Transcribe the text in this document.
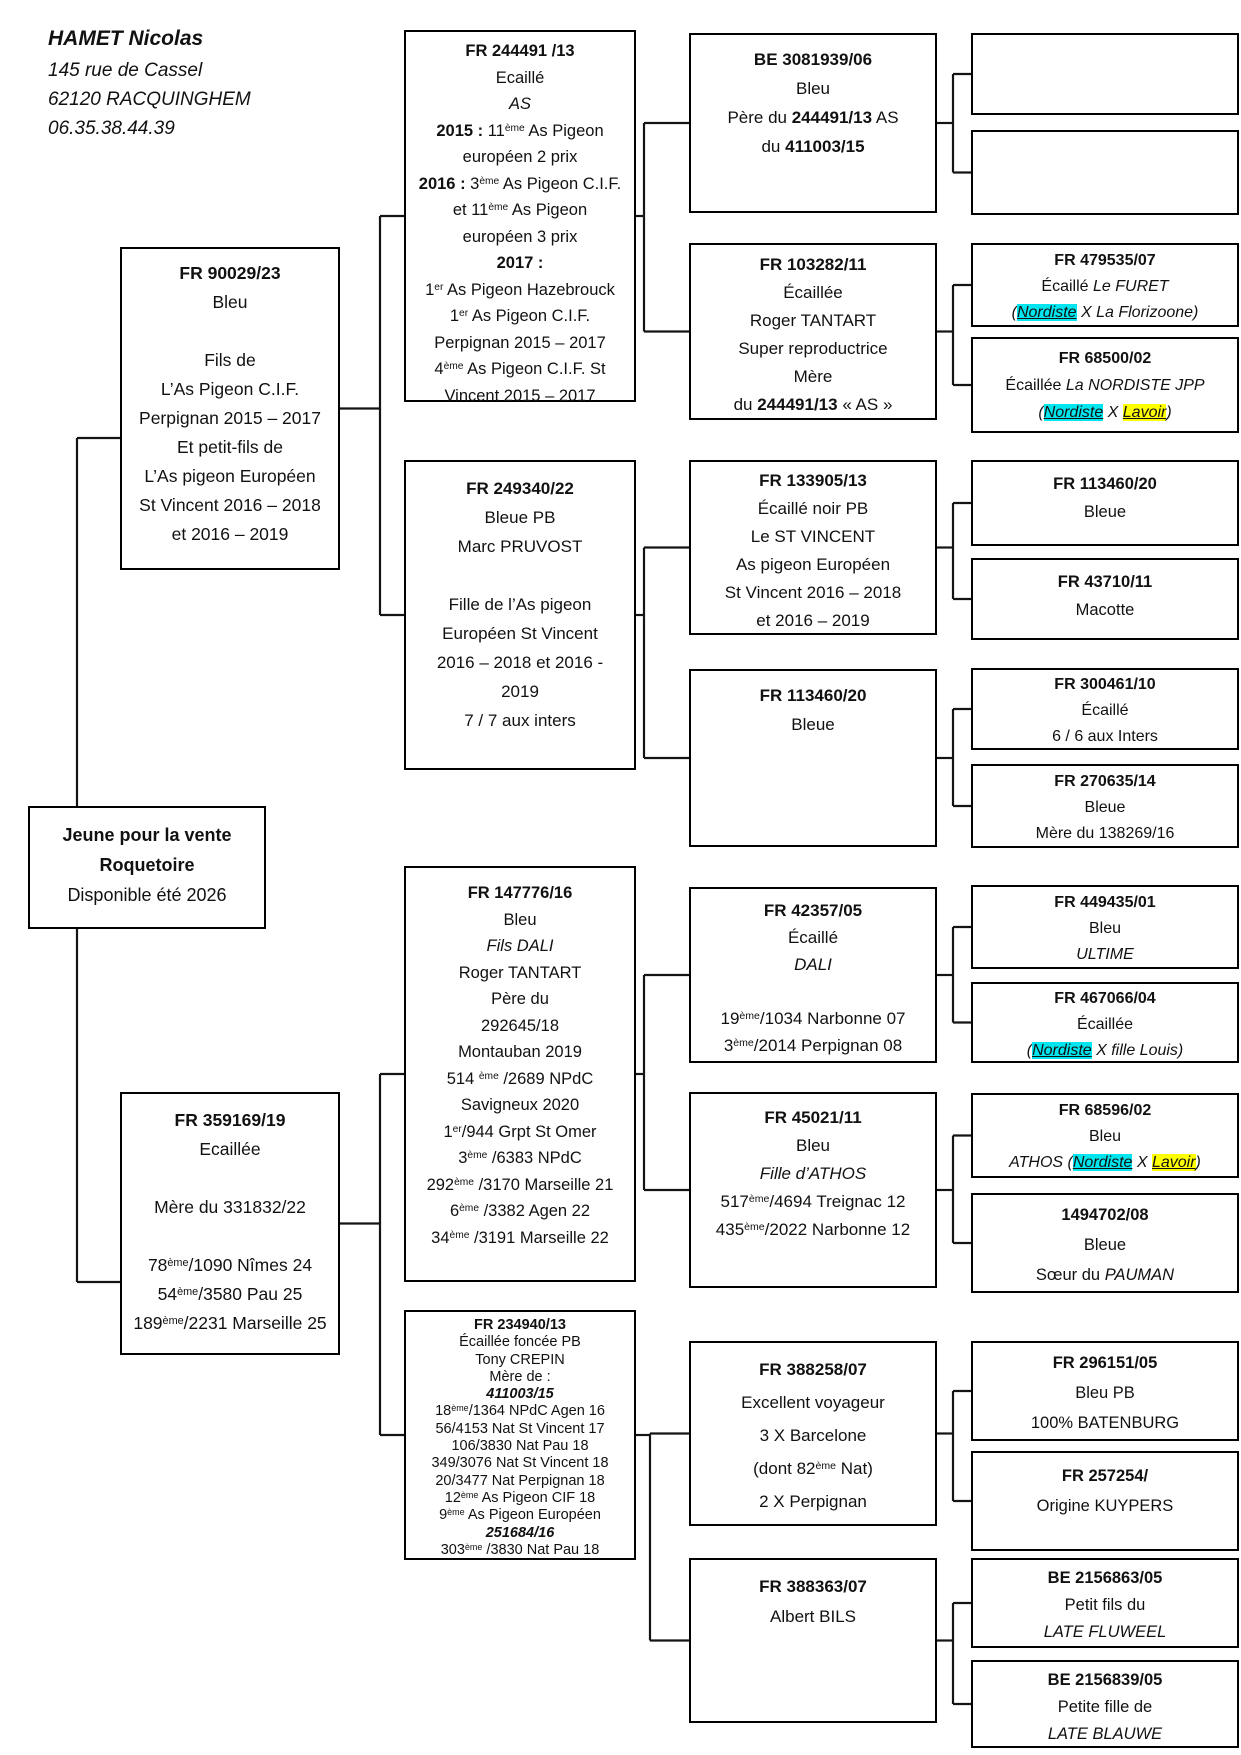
HAMET Nicolas
145 rue de Cassel
62120 RACQUINGHEM
06.35.38.44.39
Jeune pour la vente
Roquetoire
Disponible été 2026
FR 90029/23
Bleu

Fils de
L’As Pigeon C.I.F.
Perpignan 2015 – 2017
Et petit-fils de
L’As pigeon Européen
St Vincent 2016 – 2018
et 2016 – 2019
FR 359169/19
Ecaillée

Mère du 331832/22

78ème/1090 Nîmes 24
54ème/3580 Pau 25
189ème/2231 Marseille 25
FR 244491 /13
Ecaillé
AS
2015 : 11ème As Pigeon
européen 2 prix
2016 : 3ème As Pigeon C.I.F.
et 11ème As Pigeon
européen 3 prix
2017 :
1er As Pigeon Hazebrouck
1er As Pigeon C.I.F.
Perpignan 2015 – 2017
4ème As Pigeon C.I.F. St
Vincent 2015 – 2017
FR 249340/22
Bleue PB
Marc PRUVOST

Fille de l’As pigeon
Européen St Vincent
2016 – 2018 et 2016 -
2019
7 / 7 aux inters
FR 147776/16
Bleu
Fils DALI
Roger TANTART
Père du
292645/18
Montauban 2019
514 $^{ème}$ /2689 NPdC
Savigneux 2020
1er/944 Grpt St Omer
3ème /6383 NPdC
292ème /3170 Marseille 21
6ème /3382 Agen 22
34ème /3191 Marseille 22
FR 234940/13
Écaillée foncée PB
Tony CREPIN
Mère de :
411003/15
18ème/1364 NPdC Agen 16
56/4153 Nat St Vincent 17
106/3830 Nat Pau 18
349/3076 Nat St Vincent 18
20/3477 Nat Perpignan 18
12ème As Pigeon CIF 18
9ème As Pigeon Européen
251684/16
303ème /3830 Nat Pau 18
BE 3081939/06
Bleu
Père du 244491/13 AS
du 411003/15
FR 103282/11
Écaillée
Roger TANTART
Super reproductrice
Mère
du 244491/13 « AS »
FR 133905/13
Écaillé noir PB
Le ST VINCENT
As pigeon Européen
St Vincent 2016 – 2018
et 2016 – 2019
FR 113460/20
Bleue
FR 42357/05
Écaillé
DALI

19ème/1034 Narbonne 07
3ème/2014 Perpignan 08
FR 45021/11
Bleu
Fille d’ATHOS
517ème/4694 Treignac 12
435ème/2022 Narbonne 12
FR 388258/07
Excellent voyageur
3 X Barcelone
(dont 82ème Nat)
2 X Perpignan
FR 388363/07
Albert BILS
FR 479535/07
Écaillé Le FURET
(Nordiste X La Florizoone)
FR 68500/02
Écaillée La NORDISTE JPP
(Nordiste X Lavoir)
FR 113460/20
Bleue
FR 43710/11
Macotte
FR 300461/10
Écaillé
6 / 6 aux Inters
FR 270635/14
Bleue
Mère du 138269/16
FR 449435/01
Bleu
ULTIME
FR 467066/04
Écaillée
(Nordiste X fille Louis)
FR 68596/02
Bleu
ATHOS (Nordiste X Lavoir)
1494702/08
Bleue
Sœur du PAUMAN
FR 296151/05
Bleu PB
100% BATENBURG
FR 257254/
Origine KUYPERS
BE 2156863/05
Petit fils du
LATE FLUWEEL
BE 2156839/05
Petite fille de
LATE BLAUWE
